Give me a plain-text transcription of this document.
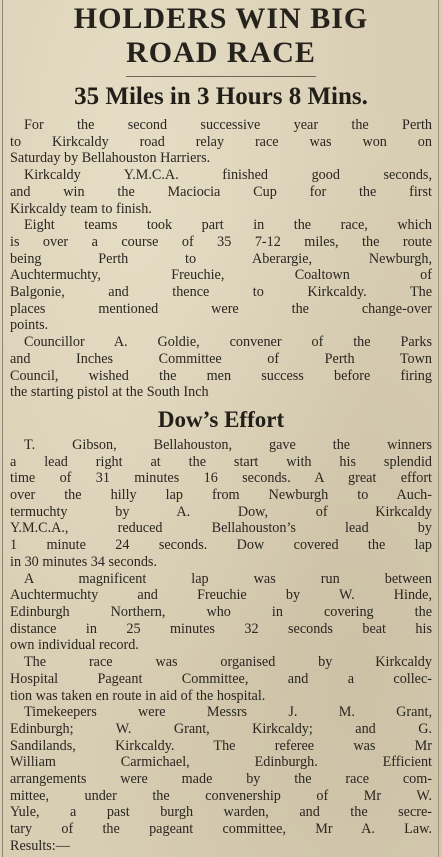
HOLDERS WIN BIG
ROAD RACE
35 Miles in 3 Hours 8 Mins.

For the second successive year the Perth
to Kirkcaldy road relay race was won on
Saturday by Bellahouston Harriers.

Kirkcaldy Y.M.C.A. finished good seconds,
and win the Maciocia Cup for the first
Kirkcaldy team to finish.

Eight teams took part in the race, which
is over a course of 35 7-12 miles, the route
being Perth to Aberargie, Newburgh,
Auchtermuchty, Freuchie, Coaltown of
Balgonie, and thence to Kirkcaldy. The
places mentioned were the change-over
points.

Councillor A. Goldie, convener of the Parks
and Inches Committee of Perth Town
Council, wished the men success before firing
the starting pistol at the South Inch

Dow’s Effort

T. Gibson, Bellahouston, gave the winners
a lead right at the start with his splendid
time of 31 minutes 16 seconds. A great effort
over the hilly lap from Newburgh to Auch-
termuchty by A. Dow, of Kirkcaldy
Y.M.C.A., reduced Bellahouston’s lead by
1 minute 24 seconds. Dow covered the lap
in 30 minutes 34 seconds.

A magnificent lap was run between
Auchtermuchty and Freuchie by W. Hinde,
Edinburgh Northern, who in covering the
distance in 25 minutes 32 seconds beat his
own individual record.

The race was organised by Kirkcaldy
Hospital Pageant Committee, and a collec-
tion was taken en route in aid of the hospital.

Timekeepers were Messrs J. M. Grant,
Edinburgh; W. Grant, Kirkcaldy; and G.
Sandilands, Kirkcaldy. The referee was Mr
William Carmichael, Edinburgh. Efficient
arrangements were made by the race com-
mittee, under the convenership of Mr W.
Yule, a past burgh warden, and the secre-
tary of the pageant committee, Mr A. Law.
Results:—
